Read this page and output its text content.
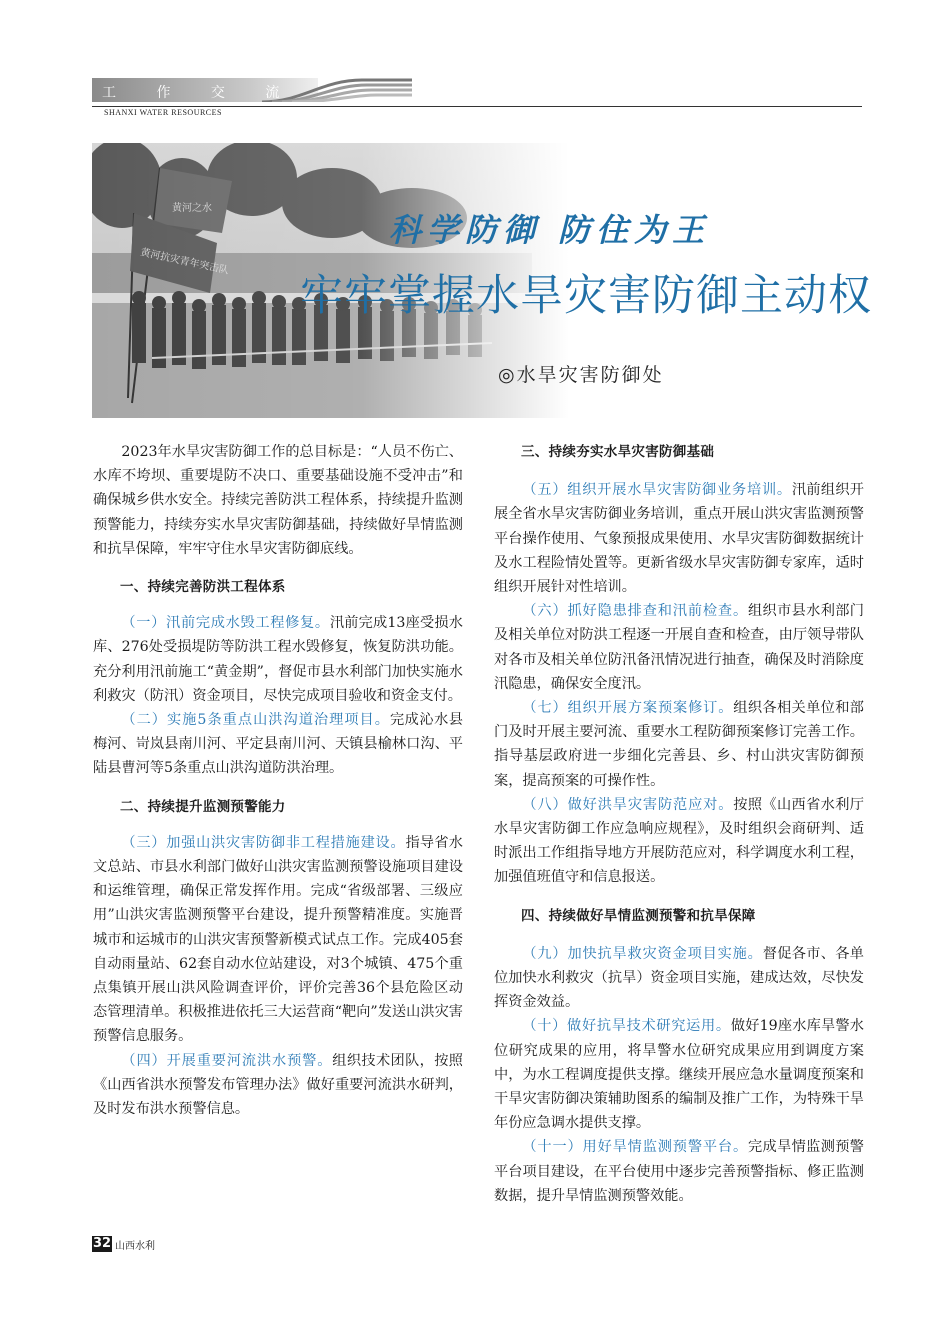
工 作 交 流
SHANXI WATER RESOURCES
科学防御 防住为王
牢牢掌握水旱灾害防御主动权
◎水旱灾害防御处

2023年水旱灾害防御工作的总目标是：“人员不伤亡、水库不垮坝、重要堤防不决口、重要基础设施不受冲击”和确保城乡供水安全。持续完善防洪工程体系，持续提升监测预警能力，持续夯实水旱灾害防御基础，持续做好旱情监测和抗旱保障，牢牢守住水旱灾害防御底线。

一、持续完善防洪工程体系

（一）汛前完成水毁工程修复。汛前完成13座受损水库、276处受损堤防等防洪工程水毁修复，恢复防洪功能。充分利用汛前施工“黄金期”，督促市县水利部门加快实施水利救灾（防汛）资金项目，尽快完成项目验收和资金支付。

（二）实施5条重点山洪沟道治理项目。完成沁水县梅河、岢岚县南川河、平定县南川河、天镇县榆林口沟、平陆县曹河等5条重点山洪沟道防洪治理。

二、持续提升监测预警能力

（三）加强山洪灾害防御非工程措施建设。指导省水文总站、市县水利部门做好山洪灾害监测预警设施项目建设和运维管理，确保正常发挥作用。完成“省级部署、三级应用”山洪灾害监测预警平台建设，提升预警精准度。实施晋城市和运城市的山洪灾害预警新模式试点工作。完成405套自动雨量站、62套自动水位站建设，对3个城镇、475个重点集镇开展山洪风险调查评价，评价完善36个县危险区动态管理清单。积极推进依托三大运营商“靶向”发送山洪灾害预警信息服务。

（四）开展重要河流洪水预警。组织技术团队，按照《山西省洪水预警发布管理办法》做好重要河流洪水研判，及时发布洪水预警信息。

三、持续夯实水旱灾害防御基础

（五）组织开展水旱灾害防御业务培训。汛前组织开展全省水旱灾害防御业务培训，重点开展山洪灾害监测预警平台操作使用、气象预报成果使用、水旱灾害防御数据统计及水工程险情处置等。更新省级水旱灾害防御专家库，适时组织开展针对性培训。

（六）抓好隐患排查和汛前检查。组织市县水利部门及相关单位对防洪工程逐一开展自查和检查，由厅领导带队对各市及相关单位防汛备汛情况进行抽查，确保及时消除度汛隐患，确保安全度汛。

（七）组织开展方案预案修订。组织各相关单位和部门及时开展主要河流、重要水工程防御预案修订完善工作。指导基层政府进一步细化完善县、乡、村山洪灾害防御预案，提高预案的可操作性。

（八）做好洪旱灾害防范应对。按照《山西省水利厅水旱灾害防御工作应急响应规程》，及时组织会商研判、适时派出工作组指导地方开展防范应对，科学调度水利工程，加强值班值守和信息报送。

四、持续做好旱情监测预警和抗旱保障

（九）加快抗旱救灾资金项目实施。督促各市、各单位加快水利救灾（抗旱）资金项目实施，建成达效，尽快发挥资金效益。

（十）做好抗旱技术研究运用。做好19座水库旱警水位研究成果的应用，将旱警水位研究成果应用到调度方案中，为水工程调度提供支撑。继续开展应急水量调度预案和干旱灾害防御决策辅助图系的编制及推广工作，为特殊干旱年份应急调水提供支撑。

（十一）用好旱情监测预警平台。完成旱情监测预警平台项目建设，在平台使用中逐步完善预警指标、修正监测数据，提升旱情监测预警效能。

32 山西水利
